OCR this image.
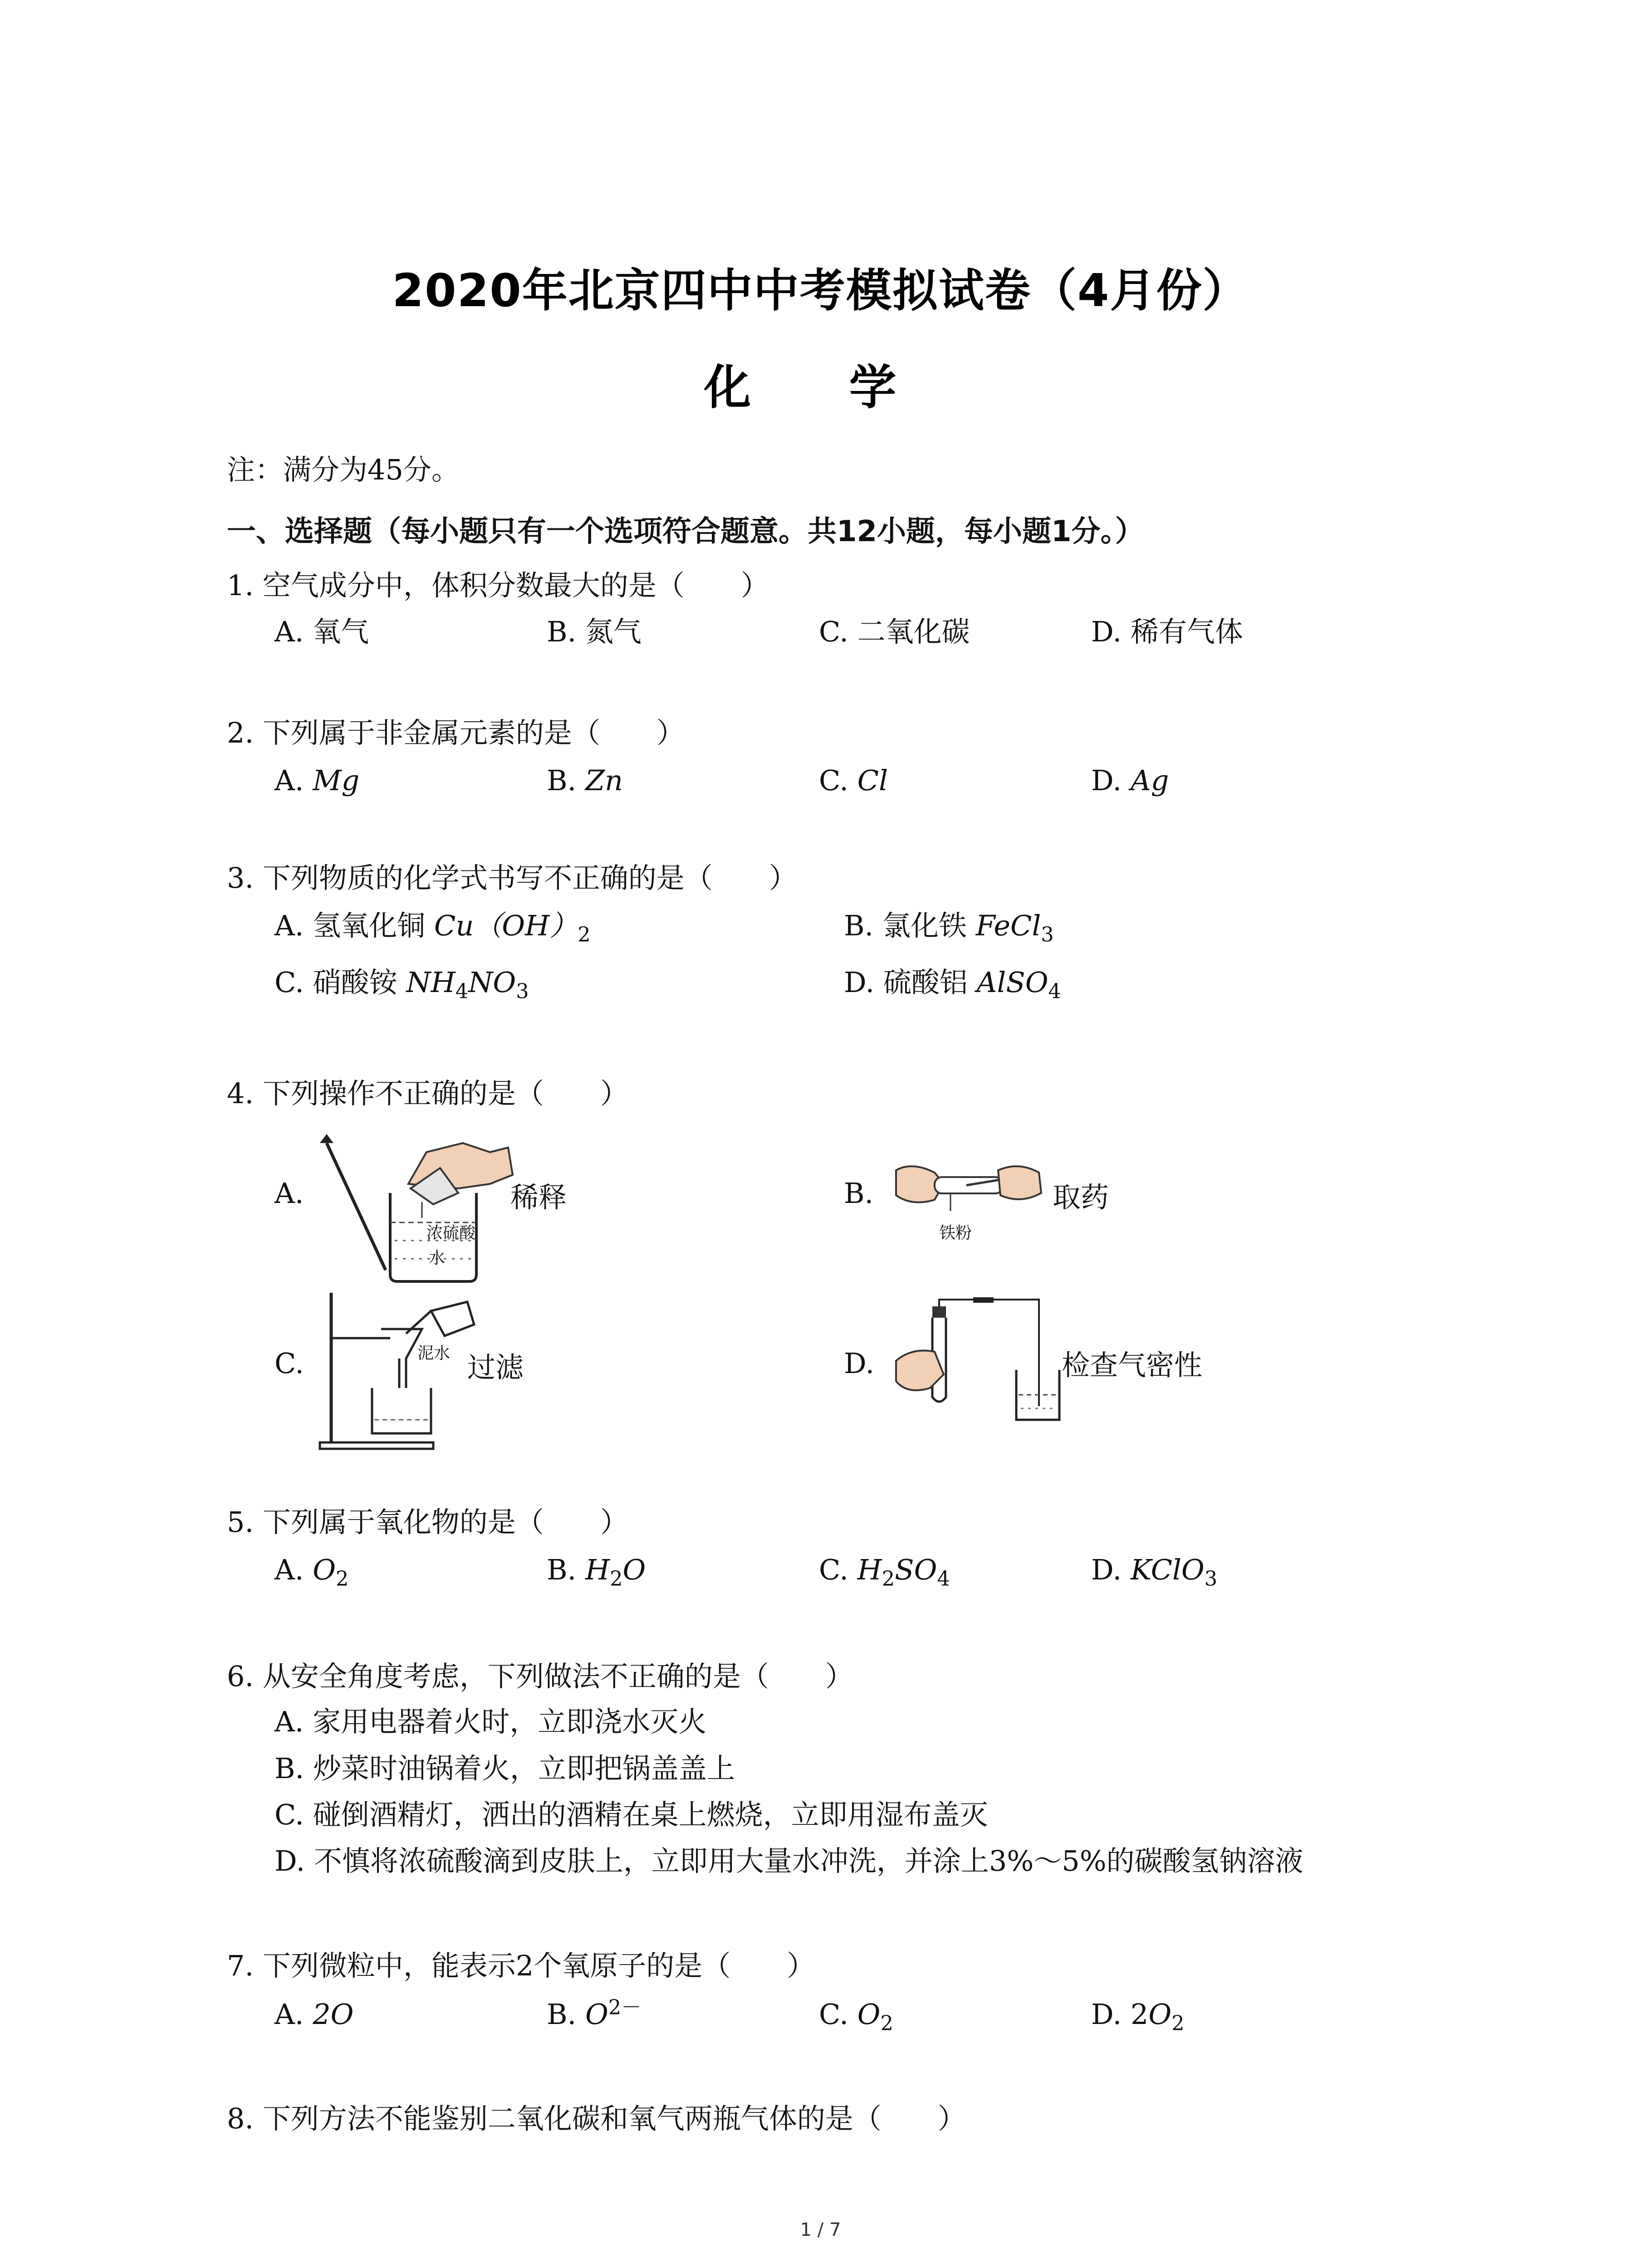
2020年北京四中中考模拟试卷（4月份）
化 学
注：满分为45分。
一、选择题（每小题只有一个选项符合题意。共12小题，每小题1分。）
1. 空气成分中，体积分数最大的是（　　）
A. 氧气	B. 氮气	C. 二氧化碳	D. 稀有气体
2. 下列属于非金属元素的是（　　）
A. Mg	B. Zn	C. Cl	D. Ag
3. 下列物质的化学式书写不正确的是（　　）
A. 氢氧化铜 $Cu(OH)_2$	B. 氯化铁 FeCl$_3$
C. 硝酸铵 $NH_4NO_3$	D. 硫酸铝 AlSO$_4$
4. 下列操作不正确的是（　　）
A.	稀释
浓硫酸
水
B.	取药
铁粉
C.	泥水 过滤	D.	检查气密性
5. 下列属于氧化物的是（　　）
A. $O_2$	B. $H_2O$	C. $H_2SO_4$	D. KClO$_3$
6. 从安全角度考虑，下列做法不正确的是（　　）
A. 家用电器着火时，立即浇水灭火
B. 炒菜时油锅着火，立即把锅盖盖上
C. 碰倒酒精灯，洒出的酒精在桌上燃烧，立即用湿布盖灭
D. 不慎将浓硫酸滴到皮肤上，立即用大量水冲洗，并涂上3%～5%的碳酸氢钠溶液
7. 下列微粒中，能表示2个氧原子的是（　　）
A. 2O	B. $O^{2-}$	C. $O_2$	D. $2O_2$
8. 下列方法不能鉴别二氧化碳和氧气两瓶气体的是（　　）
1 / 7
